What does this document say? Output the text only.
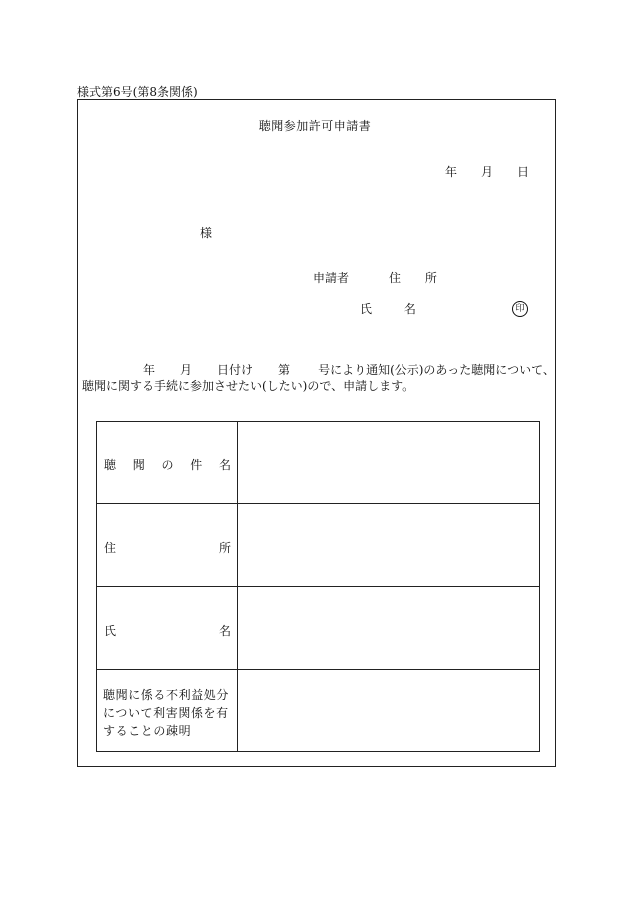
様式第6号(第8条関係)
聴聞参加許可申請書
年 月 日
様
申請者	住 所
氏 名	印
年 月 日付け 第 号により通知(公示)のあった聴聞について、
聴聞に関する手続に参加させたい(したい)ので、申請します。
聴 聞 の 件 名
住	所
氏	名
聴聞に係る不利益処分について利害関係を有することの疎明
